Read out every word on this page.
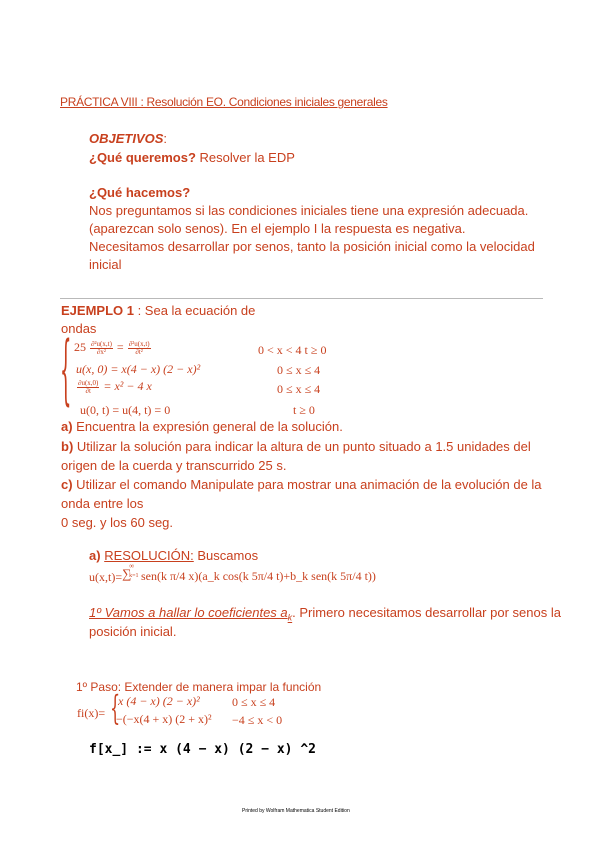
PRÁCTICA VIII : Resolución EO. Condiciones iniciales generales
OBJETIVOS:
¿Qué queremos? Resolver la EDP
¿Qué hacemos?
Nos preguntamos si las condiciones iniciales tiene una expresión adecuada.
(aparezcan solo senos). En el ejemplo I la respuesta es negativa.
Necesitamos desarrollar por senos, tanto la posición inicial como la velocidad
inicial
EJEMPLO 1 : Sea la ecuación de
ondas
{ $25 \frac{\text{∂²u(x,t)}}{\text{∂x²}} = \frac{\text{∂²u(x,t)}}{\text{∂t²}}$	0 < x < 4 t ≥ 0
u(x, 0) = x(4 − x) (2 − x)²	0 ≤ x ≤ 4
$\frac{\partial u(x,0)}{\partial t} = x^2 - 4$ x	0 ≤ x ≤ 4
u(0, t) = u(4, t) = 0	t ≥ 0
a) Encuentra la expresión general de la solución.
b) Utilizar la solución para indicar la altura de un punto situado a 1.5 unidades del
origen de la cuerda y transcurrido 25 s.
c) Utilizar el comando Manipulate para mostrar una animación de la evolución de la
onda entre los
0 seg. y los 60 seg.
a) RESOLUCIÓN: Buscamos
u(x,t)= ∑
∞
k=1 sen(k π/4 x)(a_k cos(k 5π/4 t)+b_k sen(k 5π/4 t))
1º Vamos a hallar lo coeficientes $a_k$. Primero necesitamos desarrollar por senos la
posición inicial.
1º Paso: Extender de manera impar la función
fi(x)= {
x (4 − x) (2 − x)²	0 ≤ x ≤ 4
−(−x(4 + x) (2 + x)² −4 ≤ x < 0
f[x_] := x (4 − x) (2 − x) ^2
Printed by Wolfram Mathematica Student Edition
